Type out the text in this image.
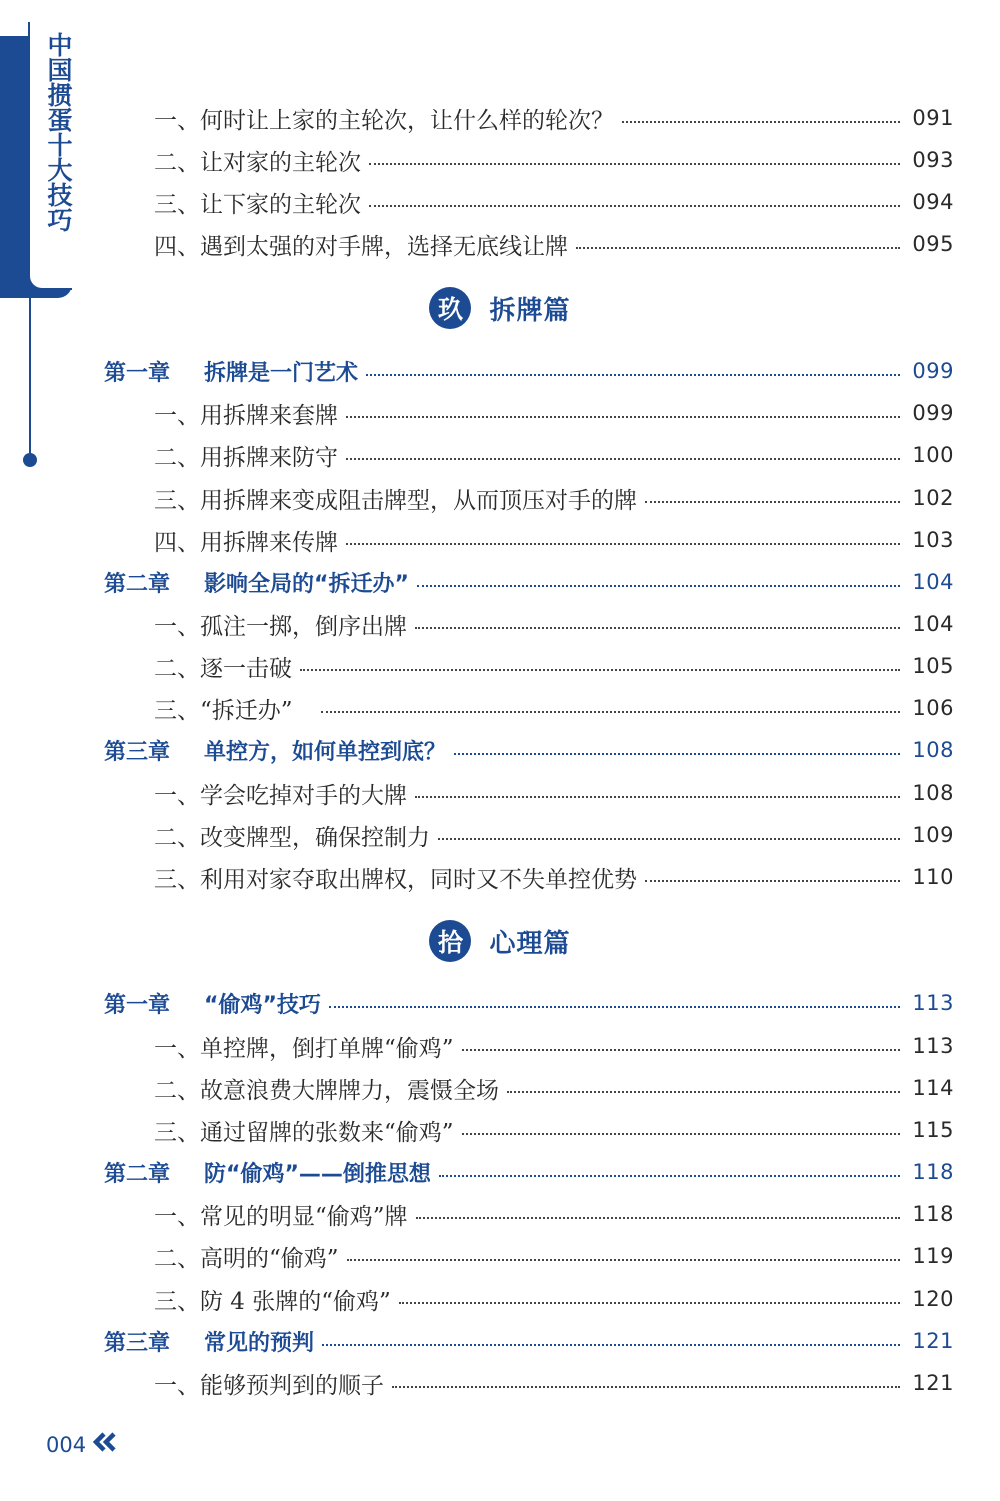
中国掼蛋十大技巧	一、何时让上家的主轮次，让什么样的轮次？	091
二、让对家的主轮次	093
三、让下家的主轮次	094
四、遇到太强的对手牌，选择无底线让牌	095
玖	拆牌篇
第一章	拆牌是一门艺术	099
一、用拆牌来套牌	099
二、用拆牌来防守	100
三、用拆牌来变成阻击牌型，从而顶压对手的牌	102
四、用拆牌来传牌	103
第二章	影响全局的“拆迁办”	104
一、孤注一掷，倒序出牌	104
二、逐一击破	105
三、“拆迁办”	106
第三章	单控方，如何单控到底？	108
一、学会吃掉对手的大牌	108
二、改变牌型，确保控制力	109
三、利用对家夺取出牌权，同时又不失单控优势	110
拾	心理篇
第一章	“偷鸡”技巧	113
一、单控牌，倒打单牌“偷鸡”	113
二、故意浪费大牌牌力，震慑全场	114
三、通过留牌的张数来“偷鸡”	115
第二章	防“偷鸡”——倒推思想	118
一、常见的明显“偷鸡”牌	118
二、高明的“偷鸡”	119
三、防 4 张牌的“偷鸡”	120
第三章	常见的预判	121
一、能够预判到的顺子	121
004
